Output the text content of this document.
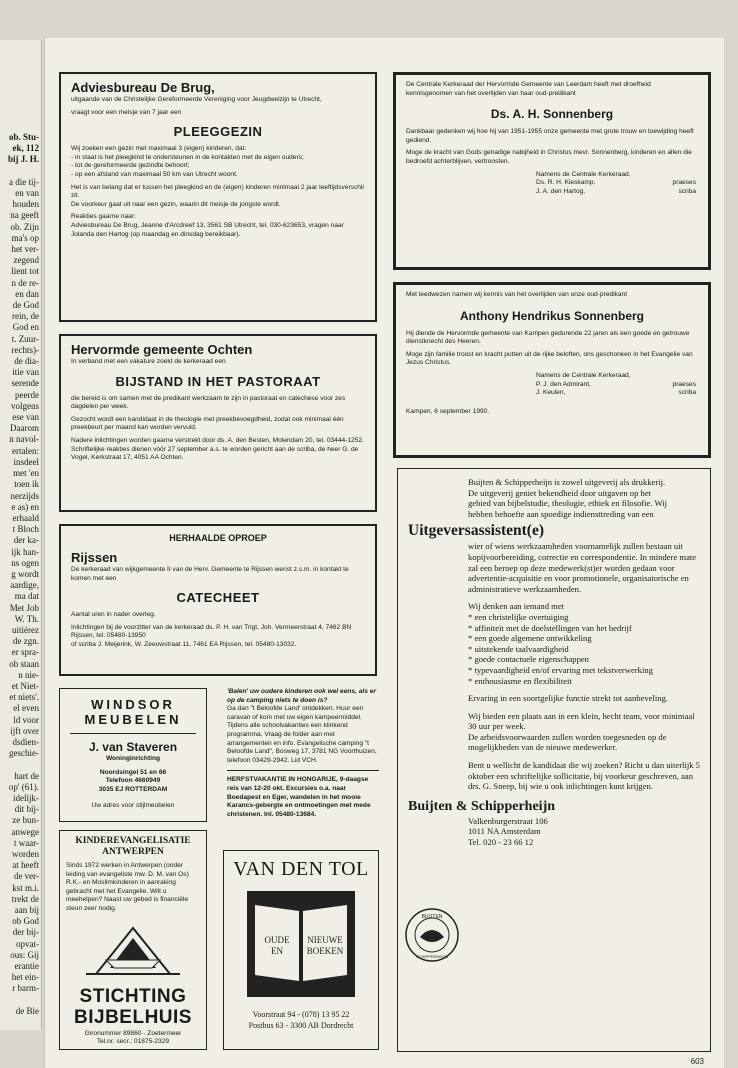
ob. Stu-
ek, 112
bij J. H.

a die tij-
en van
houden
na geeft
ob. Zijn
ma's op
het ver-
zegend
lient tot
n de re-
en dan
de God
rein, de
God en
t. Zuur-
rechts)-
de dia-
itie van
serende
peerde
volgens
ese van
Daarom
n navol-
ertalen:
insdeel
met 'en
toen ik
nerzijds
e as) en
erhaald
t Bloch
der ka-
ijk han-
ns ogen
g wordt
aardige,
ma dat
Met Job
W. Th.
uitiérez
de zgn.
er spra-
ob staan
n nie-
et Niet-
et niets'.
el even
ld voor
ijft over
dsdien-
geschie-

hart de
op' (61).
idelijk-
dit bij-
ze bun-
anwege
t waar-
worden
at heeft
de ver-
kst m.i.
trekt de
aan bij
ob God
der bij-
opvat-
ous: Gij
erantie
het ein-
r barm-

de Bie
Adviesbureau De Brug,
uitgaande van de Christelijke Gereformeerde Vereniging voor Jeugdwelzijn te Utrecht,
vraagt voor een meisje van 7 jaar een
PLEEGGEZIN
Wij zoeken een gezin met maximaal 3 (eigen) kinderen, dat:
- in staat is het pleegkind te ondersteunen in de kontakten met de eigen ouders;
- tot de gereformeerde gezindte behoort;
- op een afstand van maximaal 50 km van Utrecht woont.
Het is van belang dat er tussen het pleegkind en de (eigen) kinderen minimaal 2 jaar leeftijdsverschil zit.
De voorkeur gaat uit naar een gezin, waarin dit meisje de jongste wordt.
Reakties gaarne naar:
Adviesbureau De Brug, Jeanne d'Arcdreef 13, 3561 SB Utrecht, tel. 030-623653, vragen naar Jolanda den Hartog (op maandag en dinsdag bereikbaar).
Hervormde gemeente Ochten
In verband met een vakature zoekt de kerkeraad een
BIJSTAND IN HET PASTORAAT
die bereid is om samen met de predikant werkzaam te zijn in pastoraat en catechese voor zes dagdelen per week.
Gezocht wordt een kandidaat in de theologie met preekbevoegdheid, zodat ook minimaal één preekbeurt per maand kan worden vervuld.
Nadere inlichtingen worden gaarne verstrekt door ds. A. den Besten, Molendam 20, tel. 03444-1252.
Schriftelijke reakties dienen vóór 27 september a.s. te worden gericht aan de scriba, de heer G. de Vogel, Kerkstraat 17, 4051 AA Ochten.
HERHAALDE OPROEP
Rijssen
De kerkeraad van wijkgemeente II van de Herv. Gemeente te Rijssen wenst z.s.m. in kontakt te komen met een
CATECHEET
Aantal uren in nader overleg.
Inlichtingen bij de voorzitter van de kerkeraad ds. P. H. van Trigt, Joh. Vermeerstraat 4, 7462 BN Rijssen, tel. 05480-13950
of scriba J. Meijerink, W. Zeeuwstraat 11, 7461 EA Rijssen, tel. 05480-13032.
WINDSOR
MEUBELEN
J. van Staveren
Woninginrichting
Noordsingel 51 en 66
Telefoon 4660949
3035 EJ ROTTERDAM
Uw adres voor stijlmeubelen
KINDEREVANGELISATIE
ANTWERPEN
Sinds 1972 werken in Antwerpen (onder leiding van evangeliste mw. D. M. van Os) R.K.- en Moslimkinderen in aanraking gebracht met het Evangelie. Wilt u meehelpen? Naast uw gebed is financiële steun zeer nodig.
STICHTING
BIJBELHUIS
Gironummer 89860 - Zoetermeer
Tel.nr. secr.: 01875-2329
'Balen' uw oudere kinderen ook wel eens, als er op de camping niets te doen is?
Ga dan "t Beloofde Land' ontdekken. Huur een caravan of kom met uw eigen kampeermiddel. Tijdens alle schoolvakanties een klinkend programma. Vraag de folder aan met arrangementen en info. Evangelische camping "t Beloofde Land", Bosweg 17, 3781 NG Voorthuizen, telefoon 03429-2942. Lid VCH.
HERFSTVAKANTIE IN HONGARIJE, 9-daagse reis van 12-20 okt. Excursies o.a. naar Boedapest en Eger, wandelen in het mooie Karancs-gebergte en ontmoetingen met mede christenen. Inl. 05480-13684.
VAN DEN TOL
OUDE
EN
NIEUWE
BOEKEN
Voorstraat 94 - (078) 13 95 22
Postbus 63 - 3300 AB Dordrecht
De Centrale Kerkeraad der Hervormde Gemeente van Leerdam heeft met droefheid kennisgenomen van het overlijden van haar oud-predikant
Ds. A. H. Sonnenberg
Dankbaar gedenken wij hoe hij van 1951-1955 onze gemeente met grote trouw en toewijding heeft gediend.
Moge de kracht van Gods genadige nabijheid in Christus mevr. Sonnenberg, kinderen en allen die bedroefd achterblijven, vertroosten.
Namens de Centrale Kerkeraad,
Ds. R. H. Kieskamp,	praeses
J. A. den Hartog,	scriba
Met leedwezen namen wij kennis van het overlijden van onze oud-predikant
Anthony Hendrikus Sonnenberg
Hij diende de Hervormde gemeente van Kampen gedurende 22 jaren als een goede en getrouwe dienstknecht des Heeren.
Moge zijn familie troost en kracht putten uit de rijke beloften, ons geschonken in het Evangelie van Jezus Christus.
Namens de Centrale Kerkeraad,
P. J. den Admirant,	praeses
J. Keulen,	scriba
Kampen, 6 september 1990.
Buijten & Schipperheijn is zowel uitgeverij als drukkerij. De uitgeverij geniet bekendheid door uitgaven op het gebied van bijbelstudie, theologie, ethiek en filosofie. Wij hebben behoefte aan spoedige indiensttreding van een
Uitgeversassistent(e)
wier of wiens werkzaamheden voornamelijk zullen bestaan uit kopijvoorbereiding, correctie en correspondentie. In mindere mate zal een beroep op deze medewerk(st)er worden gedaan voor advertentie-acquisitie en voor promotionele, organisatorische en administratieve werkzaamheden.
Wij denken aan iemand met
* een christelijke overtuiging
* affiniteit met de doelstellingen van het bedrijf
* een goede algemene ontwikkeling
* uitstekende taalvaardigheid
* goede contactuele eigenschappen
* typevaardigheid en/of ervaring met tekstverwerking
* enthousiasme en flexibiliteit
Ervaring in een soortgelijke functie strekt tot aanbeveling.
Wij bieden een plaats aan in een klein, hecht team, voor minimaal 30 uur per week.
De arbeidsvoorwaarden zullen worden toegesneden op de mogelijkheden van de nieuwe medewerker.
Bent u wellicht de kandidaat die wij zoeken? Richt u dan uiterlijk 5 oktober een schriftelijke sollicitatie, bij voorkeur geschreven, aan drs. G. Sneep, bij wie u ook inlichtingen kunt krijgen.
BUIJTEN
SCHIPPERHEIJN
Buijten & Schipperheijn
Valkenburgerstraat 106
1011 NA Amsterdam
Tel. 020 - 23 66 12
603
